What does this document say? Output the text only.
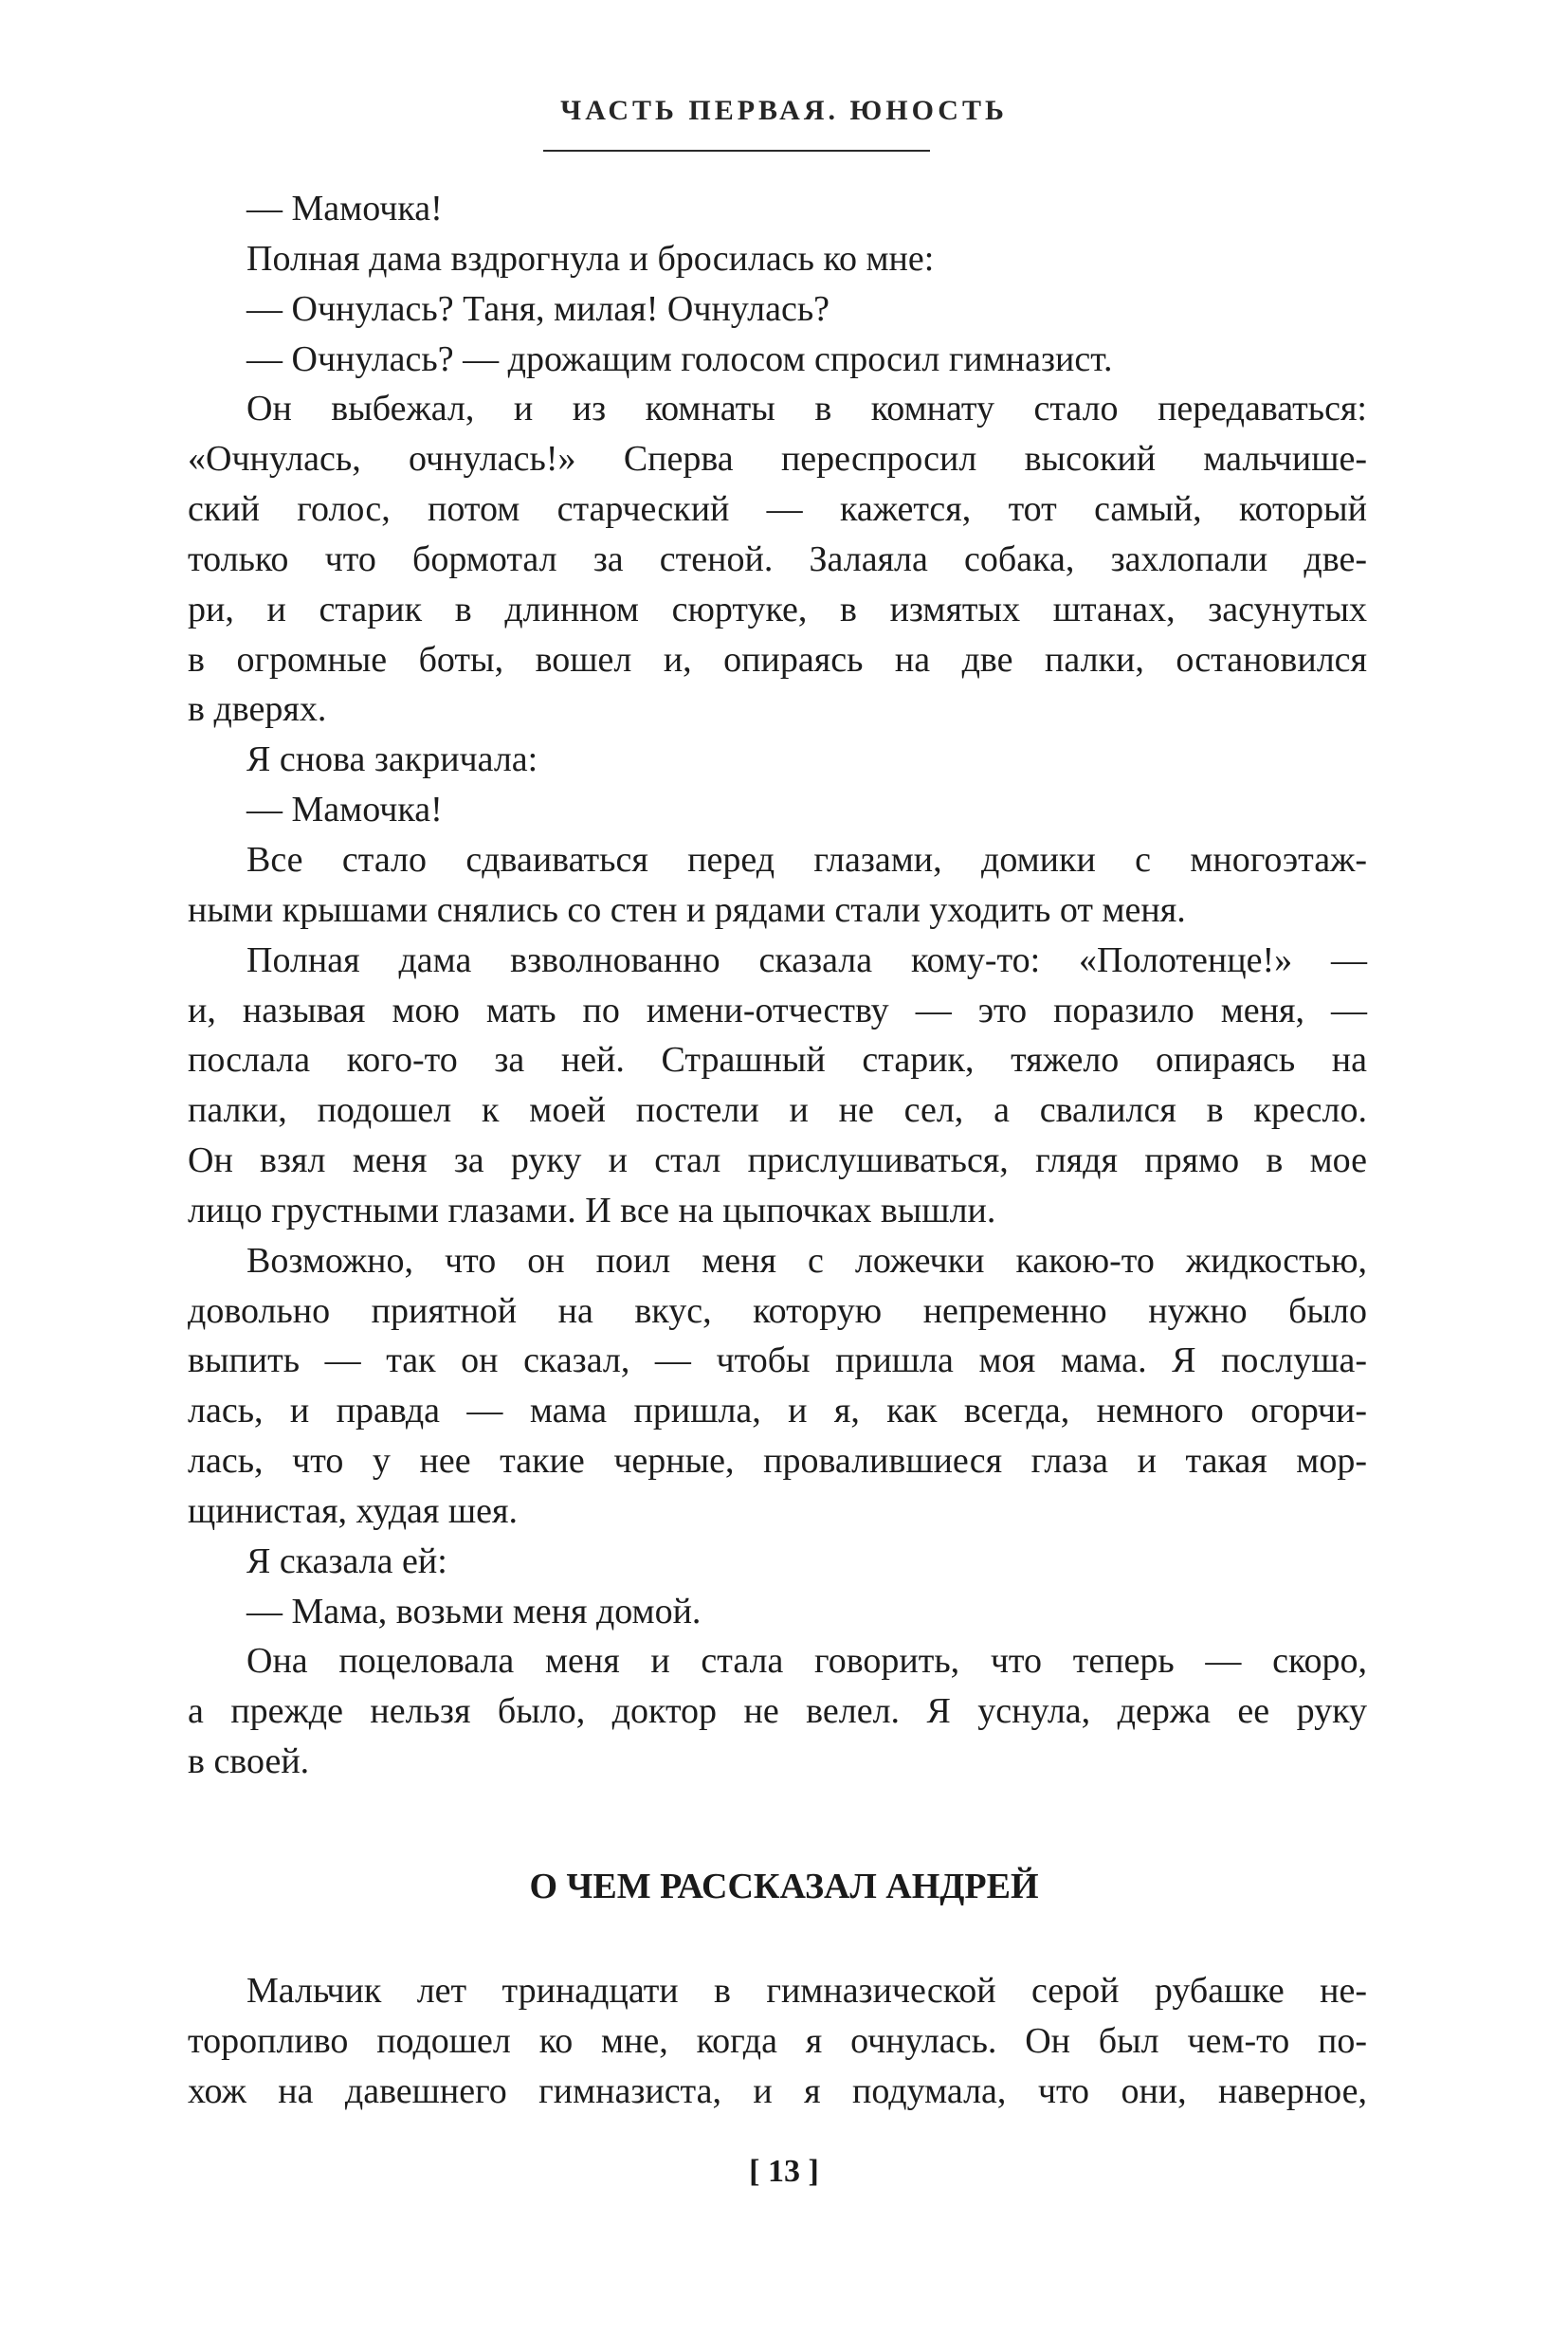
ЧАСТЬ ПЕРВАЯ. ЮНОСТЬ
— Мамочка!
Полная дама вздрогнула и бросилась ко мне:
— Очнулась? Таня, милая! Очнулась?
— Очнулась? — дрожащим голосом спросил гимназист.
Он выбежал, и из комнаты в комнату стало передаваться:
«Очнулась, очнулась!» Сперва переспросил высокий мальчише-
ский голос, потом старческий — кажется, тот самый, который
только что бормотал за стеной. Залаяла собака, захлопали две-
ри, и старик в длинном сюртуке, в измятых штанах, засунутых
в огромные боты, вошел и, опираясь на две палки, остановился
в дверях.
Я снова закричала:
— Мамочка!
Все стало сдваиваться перед глазами, домики с многоэтаж-
ными крышами снялись со стен и рядами стали уходить от меня.
Полная дама взволнованно сказала кому-то: «Полотенце!» —
и, называя мою мать по имени-отчеству — это поразило меня, —
послала кого-то за ней. Страшный старик, тяжело опираясь на
палки, подошел к моей постели и не сел, а свалился в кресло.
Он взял меня за руку и стал прислушиваться, глядя прямо в мое
лицо грустными глазами. И все на цыпочках вышли.
Возможно, что он поил меня с ложечки какою-то жидкостью,
довольно приятной на вкус, которую непременно нужно было
выпить — так он сказал, — чтобы пришла моя мама. Я послуша-
лась, и правда — мама пришла, и я, как всегда, немного огорчи-
лась, что у нее такие черные, провалившиеся глаза и такая мор-
щинистая, худая шея.
Я сказала ей:
— Мама, возьми меня домой.
Она поцеловала меня и стала говорить, что теперь — скоро,
а прежде нельзя было, доктор не велел. Я уснула, держа ее руку
в своей.
О ЧЕМ РАССКАЗАЛ АНДРЕЙ
Мальчик лет тринадцати в гимназической серой рубашке не-
торопливо подошел ко мне, когда я очнулась. Он был чем-то по-
хож на давешнего гимназиста, и я подумала, что они, наверное,
[ 13 ]
